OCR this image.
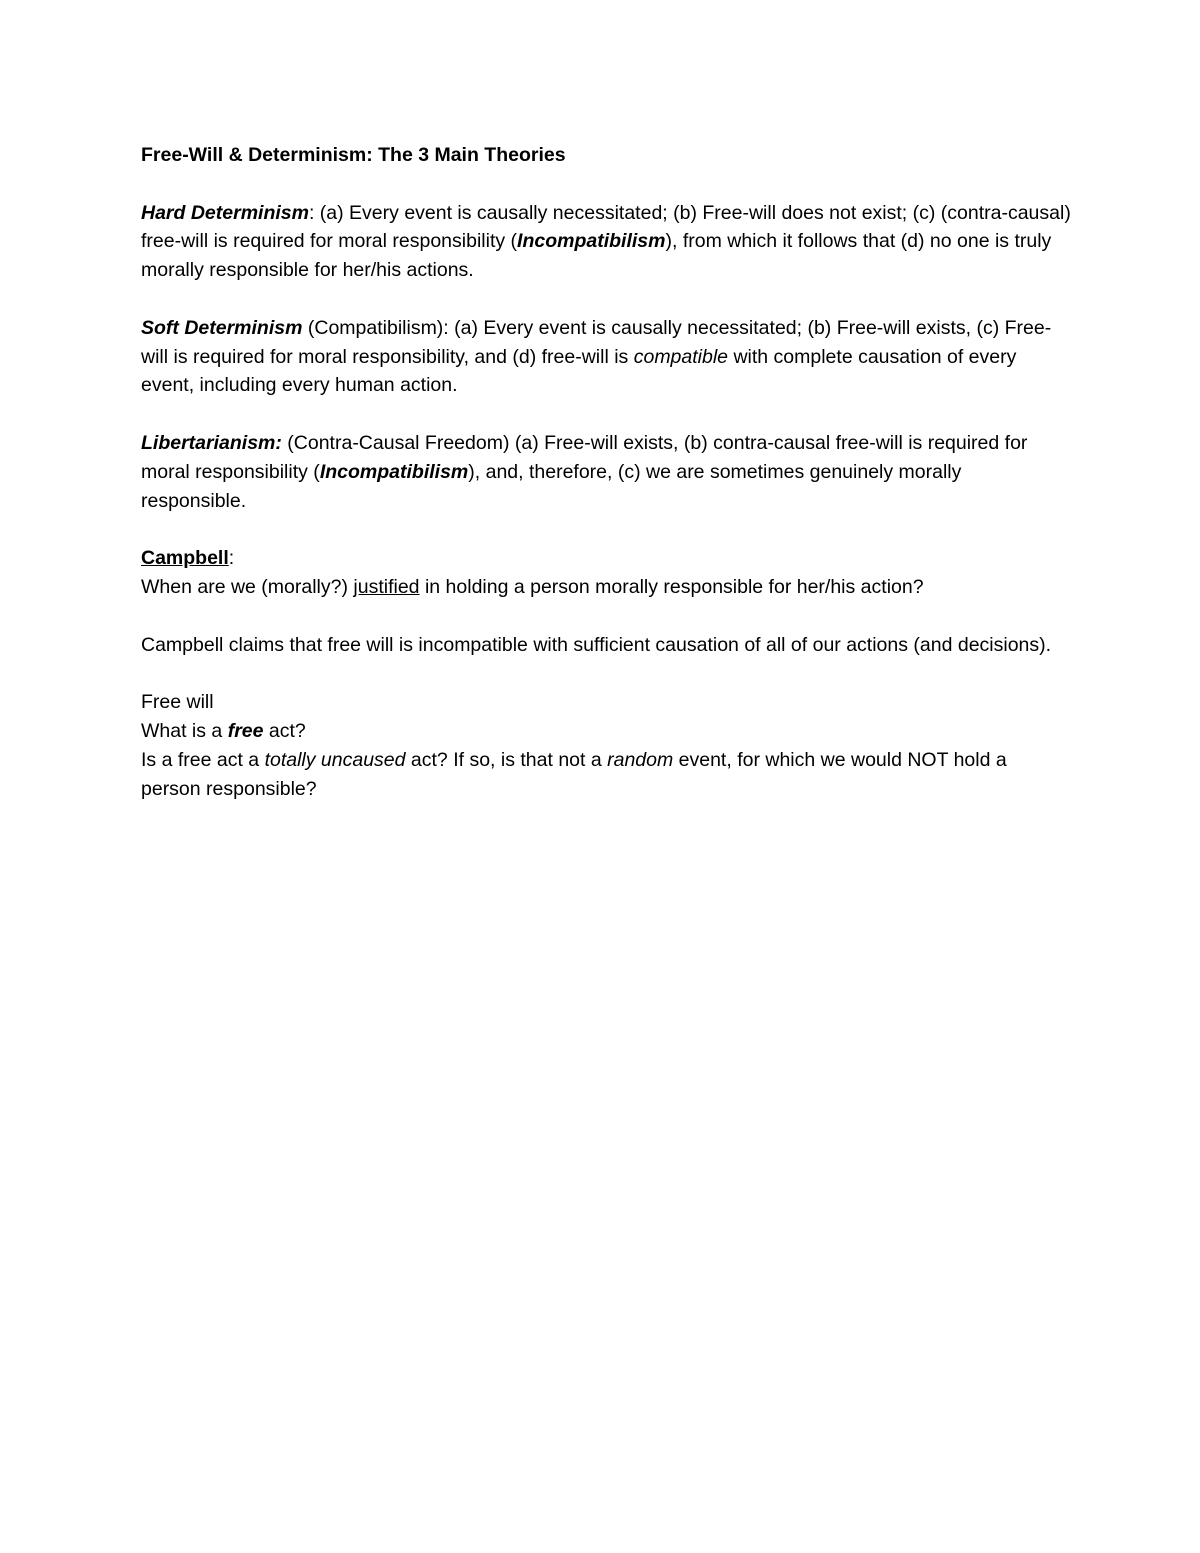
Free-Will & Determinism: The 3 Main Theories

Hard Determinism: (a) Every event is causally necessitated; (b) Free-will does not exist; (c) (contra-causal) free-will is required for moral responsibility (Incompatibilism), from which it follows that (d) no one is truly morally responsible for her/his actions.

Soft Determinism (Compatibilism): (a) Every event is causally necessitated; (b) Free-will exists, (c) Free-will is required for moral responsibility, and (d) free-will is compatible with complete causation of every event, including every human action.

Libertarianism: (Contra-Causal Freedom) (a) Free-will exists, (b) contra-causal free-will is required for moral responsibility (Incompatibilism), and, therefore, (c) we are sometimes genuinely morally responsible.

Campbell:

When are we (morally?) justified in holding a person morally responsible for her/his action?

Campbell claims that free will is incompatible with sufficient causation of all of our actions (and decisions).

Free will

What is a free act?

Is a free act a totally uncaused act? If so, is that not a random event, for which we would NOT hold a person responsible?
